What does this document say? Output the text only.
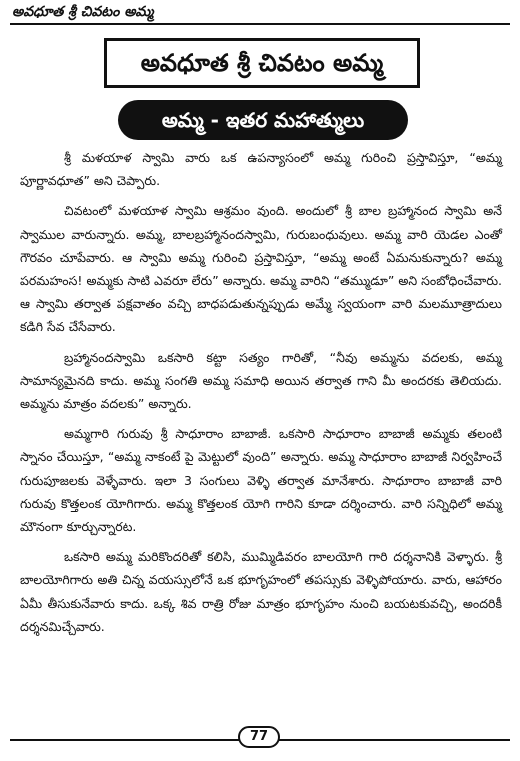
అవధూత శ్రీ చివటం అమ్మ
అవధూత శ్రీ చివటం అమ్మ
అమ్మ - ఇతర మహాత్ములు

శ్రీ మళయాళ స్వామి వారు ఒక ఉపన్యాసంలో అమ్మ గురించి ప్రస్తావిస్తూ, “అమ్మ పూర్ణావధూత” అని చెప్పారు.

చివటంలో మళయాళ స్వామి ఆశ్రమం వుంది. అందులో శ్రీ బాల బ్రహ్మానంద స్వామి అనే స్వాముల వారున్నారు. అమ్మ, బాలబ్రహ్మానందస్వామి, గురుబంధువులు. అమ్మ వారి యెడల ఎంతో గౌరవం చూపేవారు. ఆ స్వామి అమ్మ గురించి ప్రస్తావిస్తూ, “అమ్మ అంటే ఏమనుకున్నారు? అమ్మ పరమహంస! అమ్మకు సాటి ఎవరూ లేరు” అన్నారు. అమ్మ వారిని “తమ్ముడూ” అని సంబోధించేవారు. ఆ స్వామి తర్వాత పక్షవాతం వచ్చి బాధపడుతున్నప్పుడు అమ్మే స్వయంగా వారి మలమూత్రాదులు కడిగి సేవ చేసేవారు.

బ్రహ్మానందస్వామి ఒకసారి కట్టా సత్యం గారితో, “నీవు అమ్మను వదలకు, అమ్మ సామాన్యమైనది కాదు. అమ్మ సంగతి అమ్మ సమాధి అయిన తర్వాత గాని మీ అందరకు తెలియదు. అమ్మను మాత్రం వదలకు” అన్నారు.

అమ్మగారి గురువు శ్రీ సాధూరాం బాబాజీ. ఒకసారి సాధూరాం బాబాజీ అమ్మకు తలంటి స్నానం చేయిస్తూ, “అమ్మ నాకంటే పై మెట్టులో వుంది” అన్నారు. అమ్మ సాధూరాం బాబాజీ నిర్వహించే గురుపూజలకు వెళ్ళేవారు. ఇలా 3 సంగులు వెళ్ళి తర్వాత మానేశారు. సాధూరాం బాబాజీ వారి గురువు కొత్తలంక యోగిగారు. అమ్మ కొత్తలంక యోగి గారిని కూడా దర్శించారు. వారి సన్నిధిలో అమ్మ మౌనంగా కూర్చున్నారట.

ఒకసారి అమ్మ మరికొందరితో కలిసి, ముమ్మిడివరం బాలయోగి గారి దర్శనానికి వెళ్ళారు. శ్రీ బాలయోగిగారు అతి చిన్న వయస్సులోనే ఒక భూగృహంలో తపస్సుకు వెళ్ళిపోయారు. వారు, ఆహారం ఏమీ తీసుకునేవారు కాదు. ఒక్క శివ రాత్రి రోజు మాత్రం భూగృహం నుంచి బయటకువచ్చి, అందరికీ దర్శనమిచ్చేవారు.

77
